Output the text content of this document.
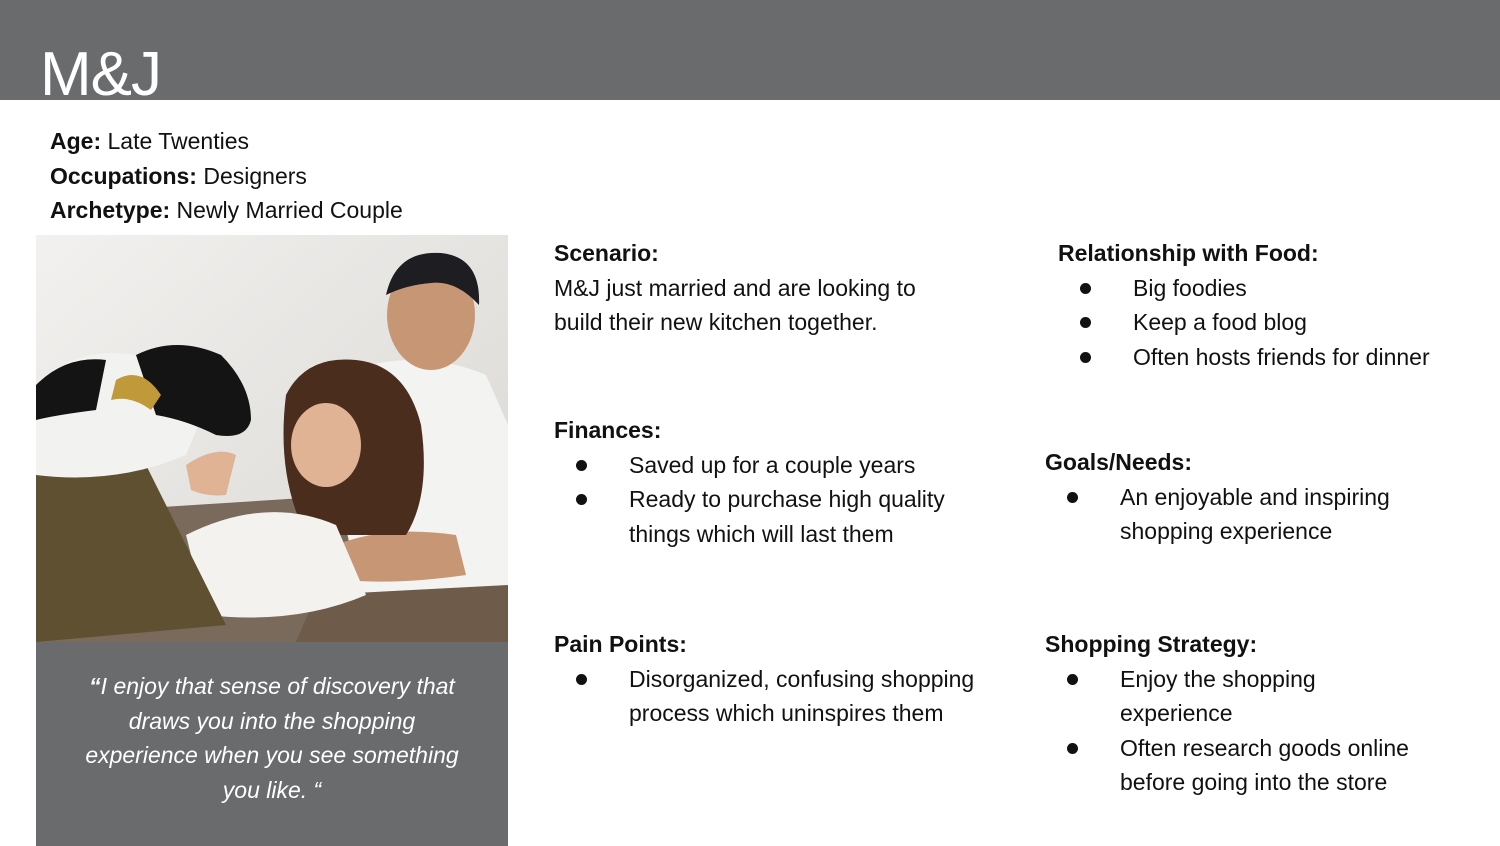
M&J
Age: Late Twenties
Occupations: Designers
Archetype: Newly Married Couple
“I enjoy that sense of discovery that draws you into the shopping experience when you see something you like. “
Scenario:
M&J just married and are looking to
build their new kitchen together.
Finances:
Saved up for a couple years
Ready to purchase high quality
things which will last them
Pain Points:
Disorganized, confusing shopping
process which uninspires them
Relationship with Food:
Big foodies
Keep a food blog
Often hosts friends for dinner
Goals/Needs:
An enjoyable and inspiring
shopping experience
Shopping Strategy:
Enjoy the shopping
experience
Often research goods online
before going into the store
